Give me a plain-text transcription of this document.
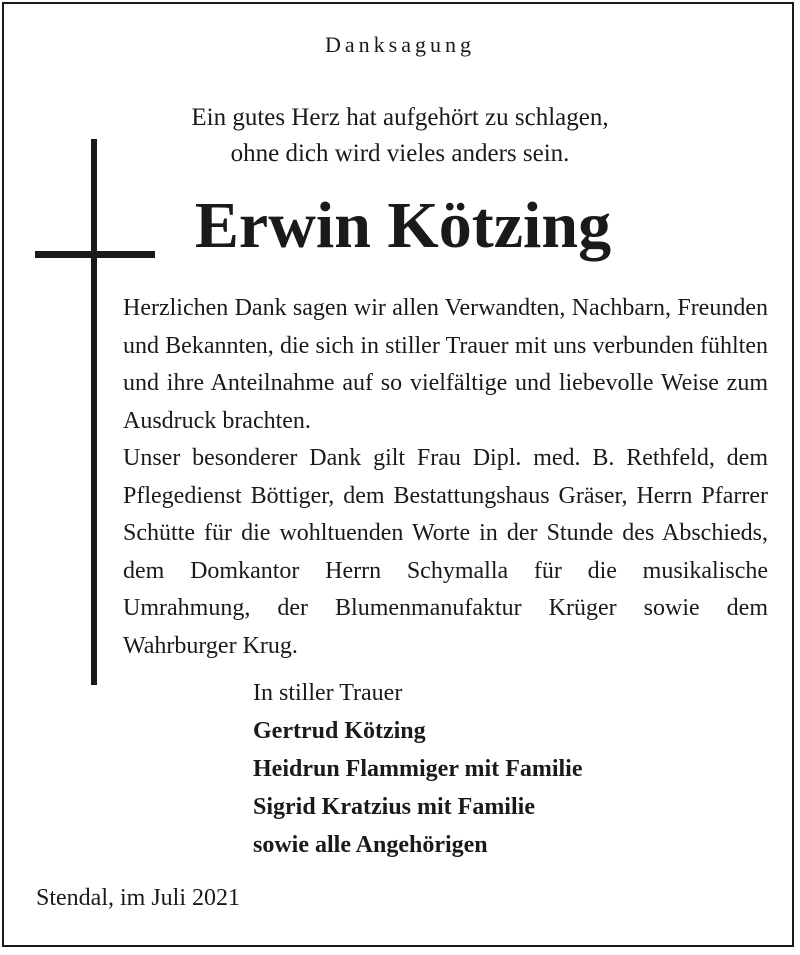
Danksagung
Ein gutes Herz hat aufgehört zu schlagen,
ohne dich wird vieles anders sein.
Erwin Kötzing

Herzlichen Dank sagen wir allen Verwandten, Nachbarn, Freunden und Bekannten, die sich in stiller Trauer mit uns verbunden fühlten und ihre Anteilnahme auf so vielfältige und liebevolle Weise zum Ausdruck brachten.

Unser besonderer Dank gilt Frau Dipl. med. B. Rethfeld, dem Pflegedienst Böttiger, dem Bestattungshaus Gräser, Herrn Pfarrer Schütte für die wohltuenden Worte in der Stunde des Abschieds, dem Domkantor Herrn Schymalla für die musikalische Umrahmung, der Blumenmanufaktur Krüger sowie dem Wahrburger Krug.

In stiller Trauer
Gertrud Kötzing
Heidrun Flammiger mit Familie
Sigrid Kratzius mit Familie
sowie alle Angehörigen
Stendal, im Juli 2021
